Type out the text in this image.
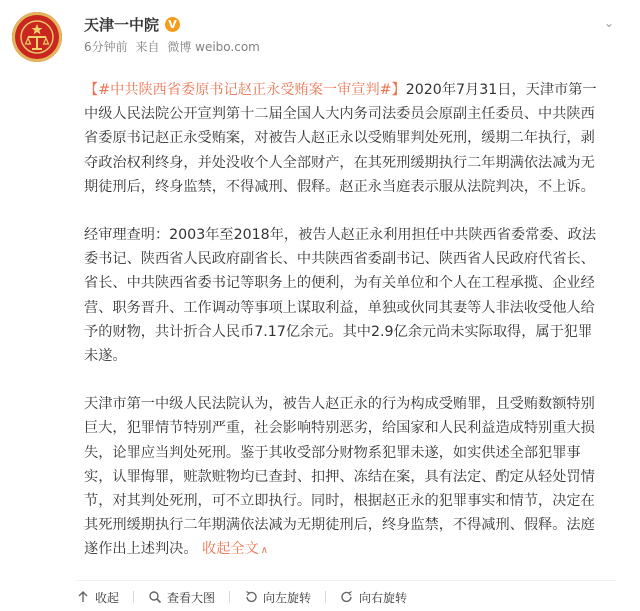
天津一中院 V
6分钟前 来自 微博 weibo.com
⌄

【#中共陕西省委原书记赵正永受贿案一审宣判#】2020年7月31日，天津市第一中级人民法院公开宣判第十二届全国人大内务司法委员会原副主任委员、中共陕西省委原书记赵正永受贿案，对被告人赵正永以受贿罪判处死刑，缓期二年执行，剥夺政治权利终身，并处没收个人全部财产，在其死刑缓期执行二年期满依法减为无期徒刑后，终身监禁，不得减刑、假释。赵正永当庭表示服从法院判决，不上诉。

经审理查明：2003年至2018年，被告人赵正永利用担任中共陕西省委常委、政法委书记、陕西省人民政府副省长、中共陕西省委副书记、陕西省人民政府代省长、省长、中共陕西省委书记等职务上的便利，为有关单位和个人在工程承揽、企业经营、职务晋升、工作调动等事项上谋取利益，单独或伙同其妻等人非法收受他人给予的财物，共计折合人民币7.17亿余元。其中2.9亿余元尚未实际取得，属于犯罪未遂。

天津市第一中级人民法院认为，被告人赵正永的行为构成受贿罪，且受贿数额特别巨大，犯罪情节特别严重，社会影响特别恶劣，给国家和人民利益造成特别重大损失，论罪应当判处死刑。鉴于其收受部分财物系犯罪未遂，如实供述全部犯罪事实，认罪悔罪，赃款赃物均已查封、扣押、冻结在案，具有法定、酌定从轻处罚情节，对其判处死刑，可不立即执行。同时，根据赵正永的犯罪事实和情节，决定在其死刑缓期执行二年期满依法减为无期徒刑后，终身监禁，不得减刑、假释。法庭遂作出上述判决。 收起全文 ∧

收起	查看大图	向左旋转	向右旋转
